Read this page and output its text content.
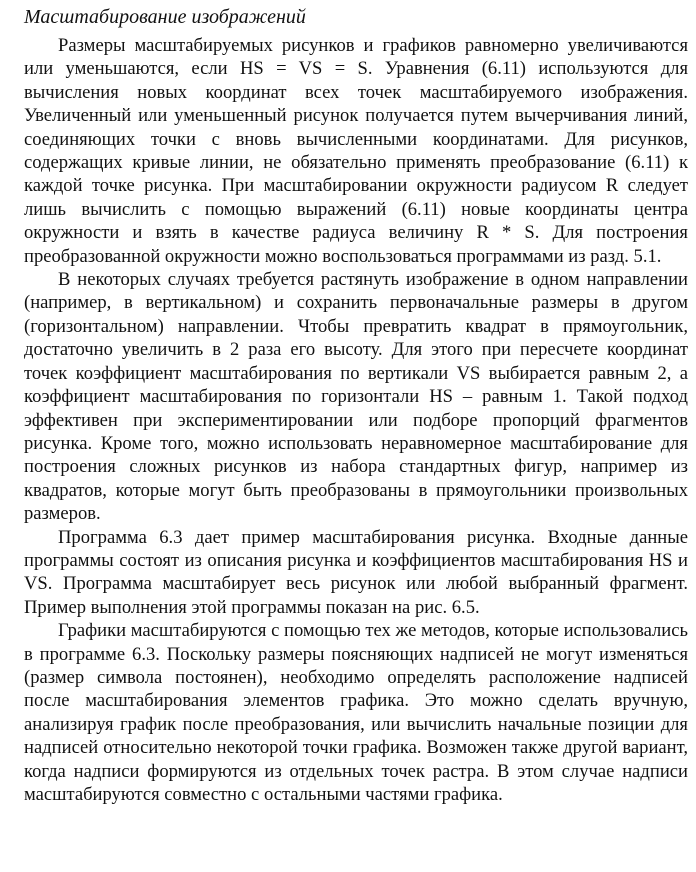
Масштабирование изображений

Размеры масштабируемых рисунков и графиков равномерно увеличиваются или уменьшаются, если HS = VS = S. Уравнения (6.11) используются для вычисления новых координат всех точек масштабируемого изображения. Увеличенный или уменьшенный рисунок получается путем вычерчивания линий, соединяющих точки с вновь вычисленными координатами. Для рисунков, содержащих кривые линии, не обязательно применять преобразование (6.11) к каждой точке рисунка. При масштабировании окружности радиусом R следует лишь вычислить с помощью выражений (6.11) новые координаты центра окружности и взять в качестве радиуса величину R * S. Для построения преобразованной окружности можно воспользоваться программами из разд. 5.1.

В некоторых случаях требуется растянуть изображение в одном направлении (например, в вертикальном) и сохранить первоначальные размеры в другом (горизонтальном) направлении. Чтобы превратить квадрат в прямоугольник, достаточно увеличить в 2 раза его высоту. Для этого при пересчете координат точек коэффициент масштабирования по вертикали VS выбирается равным 2, а коэффициент масштабирования по горизонтали HS – равным 1. Такой подход эффективен при экспериментировании или подборе пропорций фрагментов рисунка. Кроме того, можно использовать неравномерное масштабирование для построения сложных рисунков из набора стандартных фигур, например из квадратов, которые могут быть преобразованы в прямоугольники произвольных размеров.

Программа 6.3 дает пример масштабирования рисунка. Входные данные программы состоят из описания рисунка и коэффициентов масштабирования HS и VS. Программа масштабирует весь рисунок или любой выбранный фрагмент. Пример выполнения этой программы показан на рис. 6.5.

Графики масштабируются с помощью тех же методов, которые использовались в программе 6.3. Поскольку размеры поясняющих надписей не могут изменяться (размер символа постоянен), необходимо определять расположение надписей после масштабирования элементов графика. Это можно сделать вручную, анализируя график после преобразования, или вычислить начальные позиции для надписей относительно некоторой точки графика. Возможен также другой вариант, когда надписи формируются из отдельных точек растра. В этом случае надписи масштабируются совместно с остальными частями графика.
